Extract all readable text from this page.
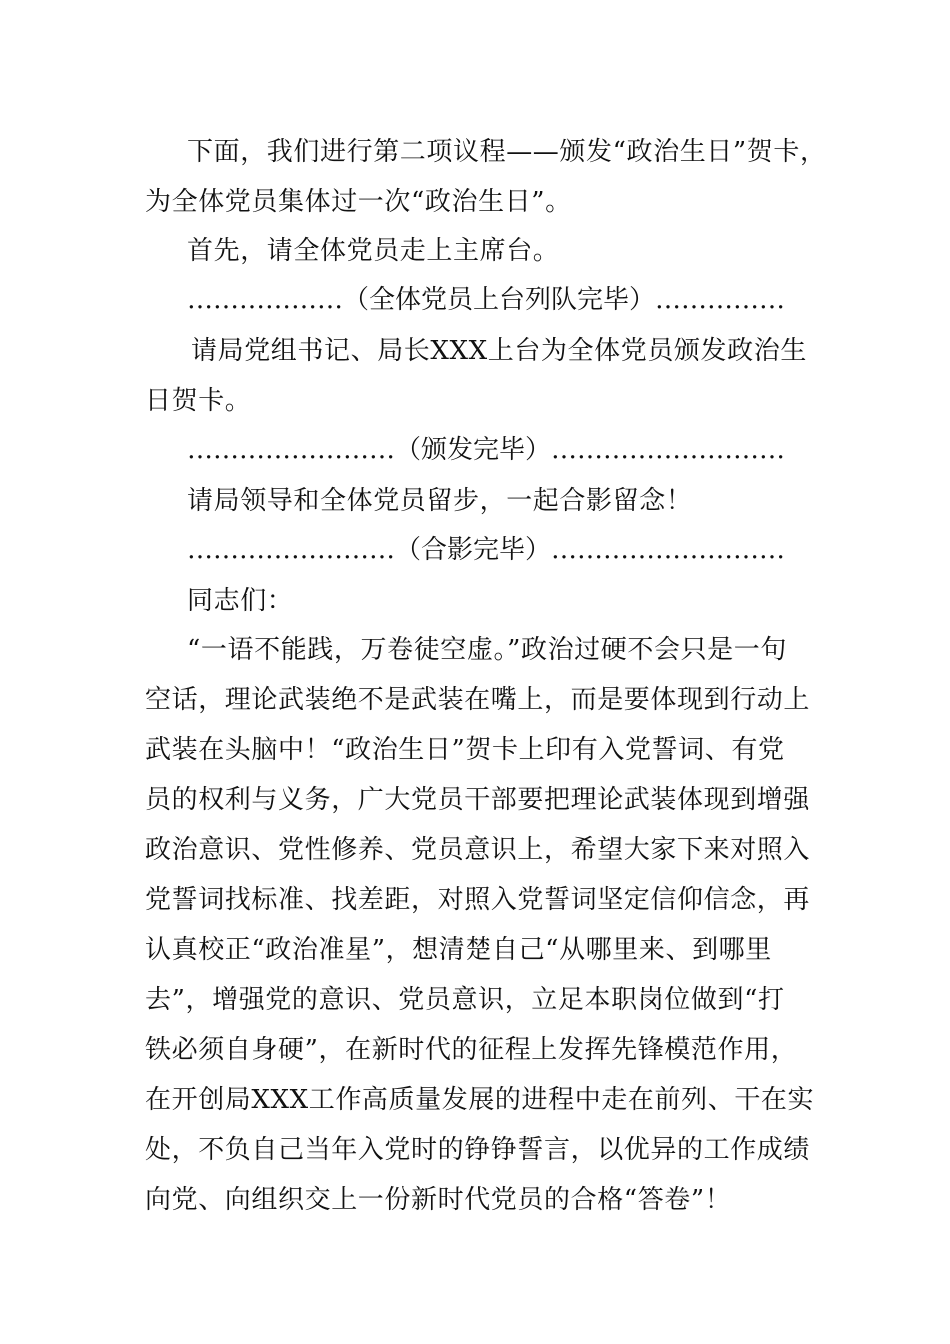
下面，我们进行第二项议程——颁发“政治生日”贺卡，
为全体党员集体过一次“政治生日”。
首先，请全体党员走上主席台。
………………（全体党员上台列队完毕）……………
请局党组书记、局长XXX上台为全体党员颁发政治生
日贺卡。
……………………（颁发完毕）………………………
请局领导和全体党员留步，一起合影留念！
……………………（合影完毕）………………………
同志们：
“一语不能践，万卷徒空虚。”政治过硬不会只是一句
空话，理论武装绝不是武装在嘴上，而是要体现到行动上
武装在头脑中！“政治生日”贺卡上印有入党誓词、有党
员的权利与义务，广大党员干部要把理论武装体现到增强
政治意识、党性修养、党员意识上，希望大家下来对照入
党誓词找标准、找差距，对照入党誓词坚定信仰信念，再
认真校正“政治准星”，想清楚自己“从哪里来、到哪里
去”，增强党的意识、党员意识，立足本职岗位做到“打
铁必须自身硬”，在新时代的征程上发挥先锋模范作用，
在开创局XXX工作高质量发展的进程中走在前列、干在实
处，不负自己当年入党时的铮铮誓言，以优异的工作成绩
向党、向组织交上一份新时代党员的合格“答卷”！
